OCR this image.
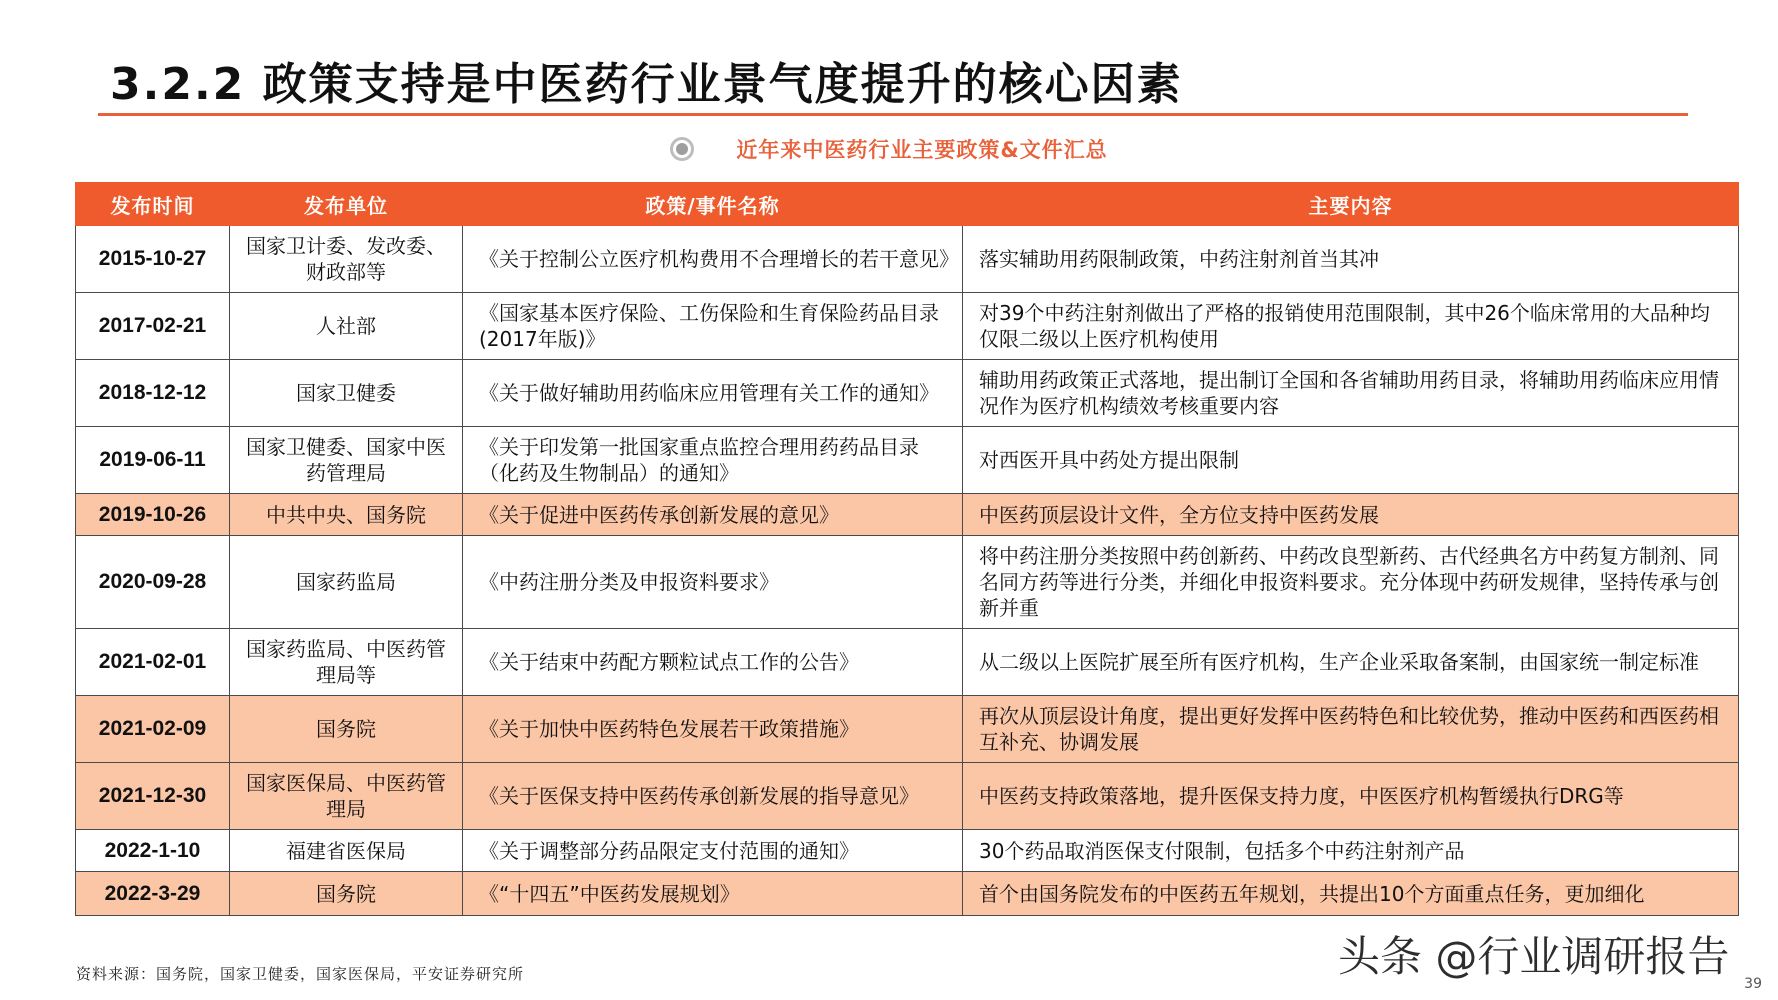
3.2.2 政策支持是中医药行业景气度提升的核心因素
近年来中医药行业主要政策&文件汇总
发布时间	发布单位	政策/事件名称	主要内容
2015-10-27	国家卫计委、发改委、财政部等	《关于控制公立医疗机构费用不合理增长的若干意见》	落实辅助用药限制政策，中药注射剂首当其冲
2017-02-21	人社部	《国家基本医疗保险、工伤保险和生育保险药品目录(2017年版)》	对39个中药注射剂做出了严格的报销使用范围限制，其中26个临床常用的大品种均仅限二级以上医疗机构使用
2018-12-12	国家卫健委	《关于做好辅助用药临床应用管理有关工作的通知》	辅助用药政策正式落地，提出制订全国和各省辅助用药目录，将辅助用药临床应用情况作为医疗机构绩效考核重要内容
2019-06-11	国家卫健委、国家中医药管理局	《关于印发第一批国家重点监控合理用药药品目录（化药及生物制品）的通知》	对西医开具中药处方提出限制
2019-10-26	中共中央、国务院	《关于促进中医药传承创新发展的意见》	中医药顶层设计文件，全方位支持中医药发展
2020-09-28	国家药监局	《中药注册分类及申报资料要求》	将中药注册分类按照中药创新药、中药改良型新药、古代经典名方中药复方制剂、同名同方药等进行分类，并细化申报资料要求。充分体现中药研发规律，坚持传承与创新并重
2021-02-01	国家药监局、中医药管理局等	《关于结束中药配方颗粒试点工作的公告》	从二级以上医院扩展至所有医疗机构，生产企业采取备案制，由国家统一制定标准
2021-02-09	国务院	《关于加快中医药特色发展若干政策措施》	再次从顶层设计角度，提出更好发挥中医药特色和比较优势，推动中医药和西医药相互补充、协调发展
2021-12-30	国家医保局、中医药管理局	《关于医保支持中医药传承创新发展的指导意见》	中医药支持政策落地，提升医保支持力度，中医医疗机构暂缓执行DRG等
2022-1-10	福建省医保局	《关于调整部分药品限定支付范围的通知》	30个药品取消医保支付限制，包括多个中药注射剂产品
2022-3-29	国务院	《“十四五”中医药发展规划》	首个由国务院发布的中医药五年规划，共提出10个方面重点任务，更加细化
资料来源：国务院，国家卫健委，国家医保局，平安证券研究所	头条 @行业调研报告
39
